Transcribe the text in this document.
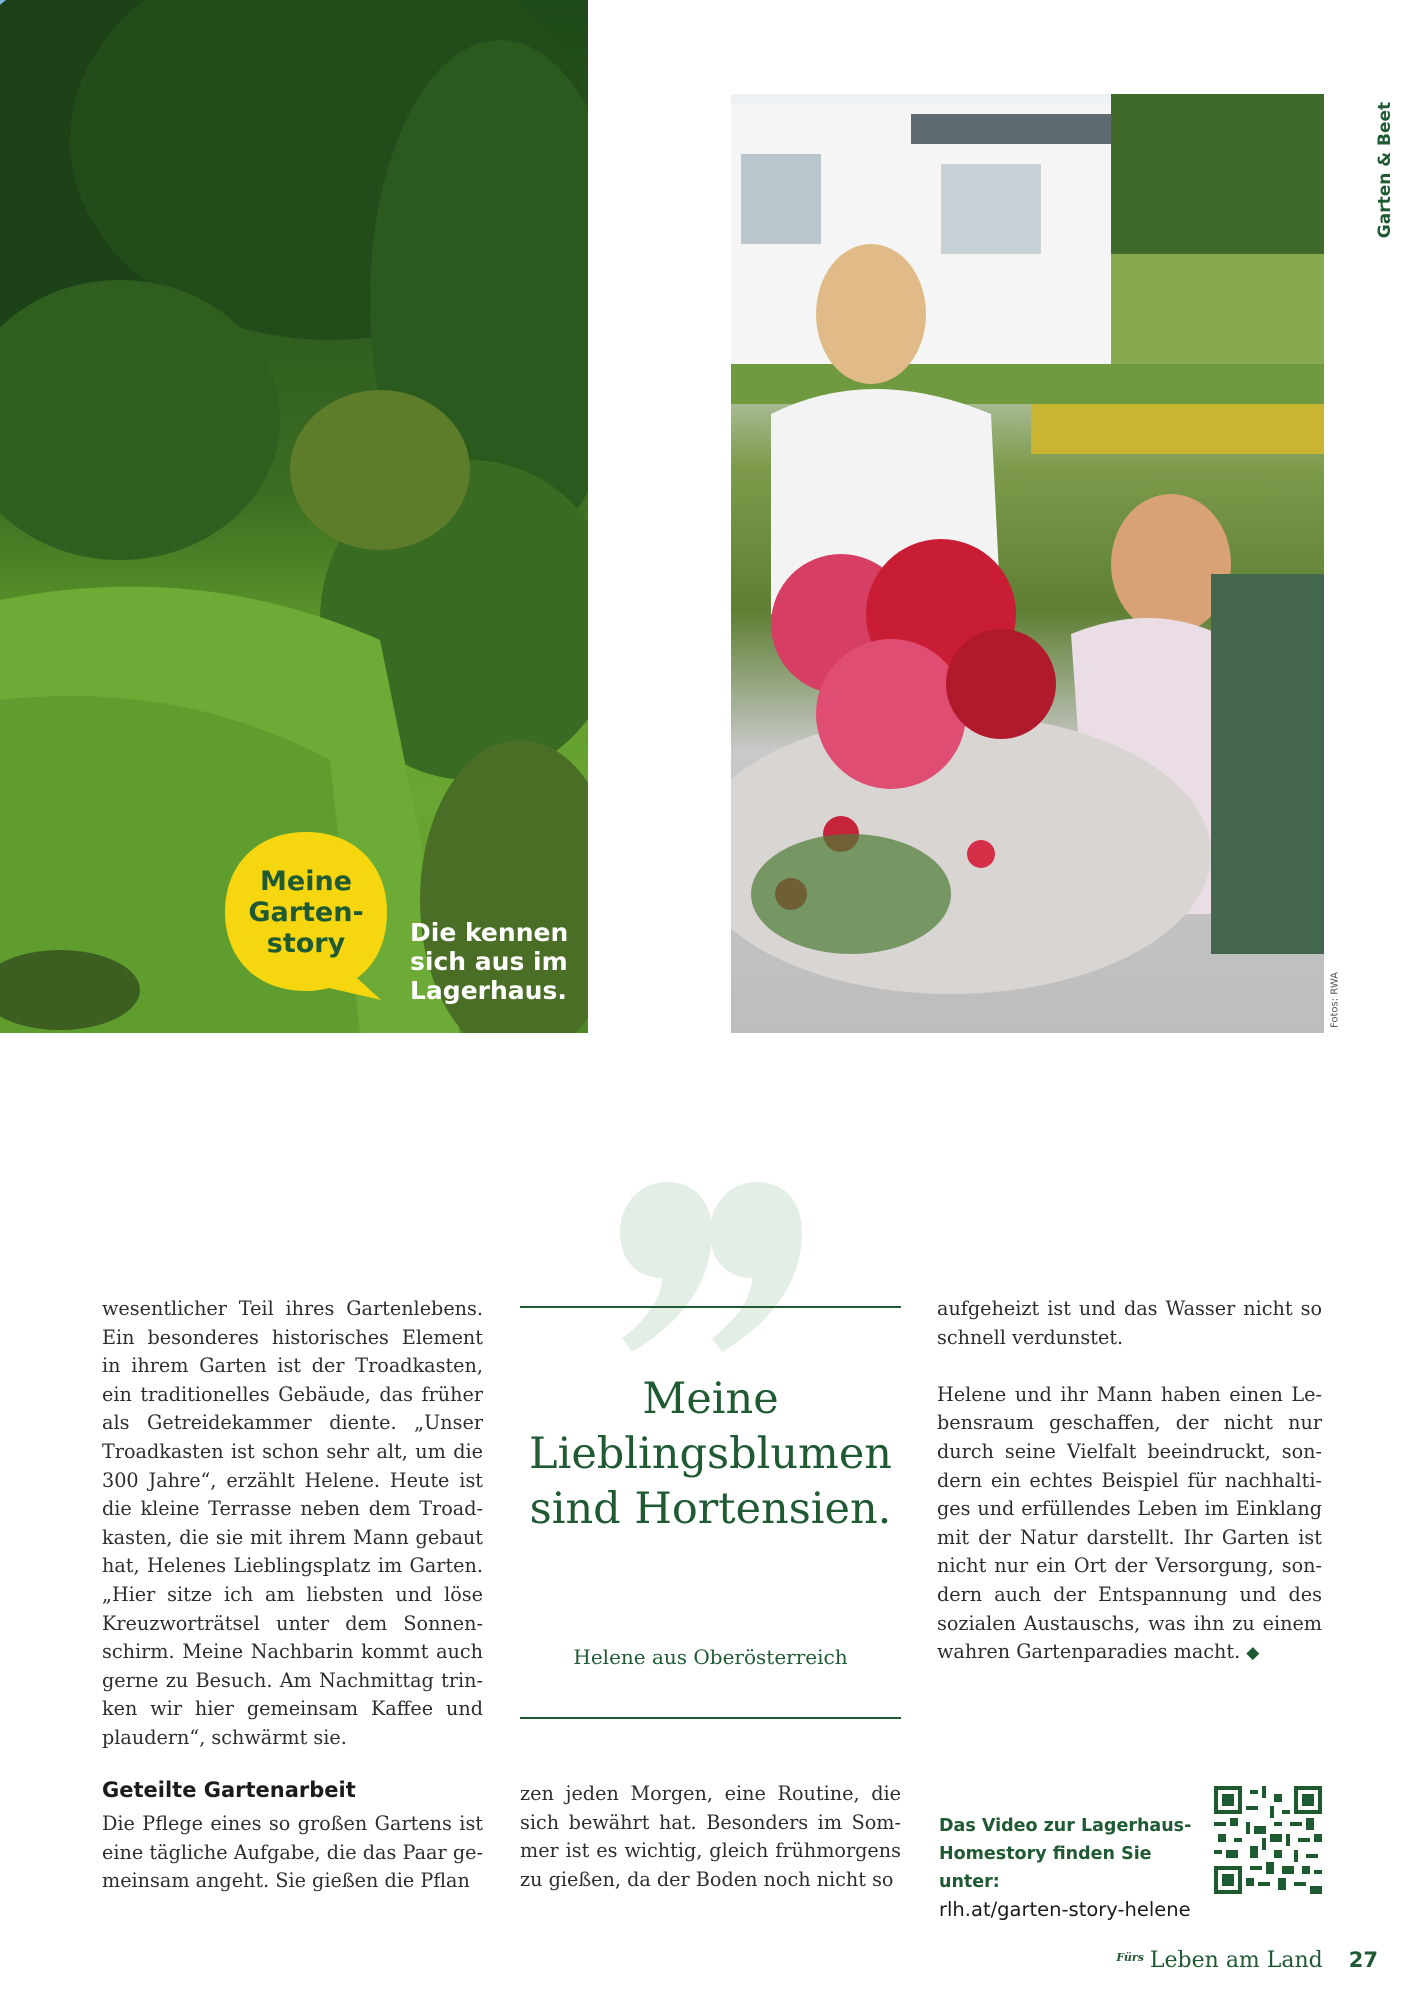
Meine Garten-story	Die kennen sich aus im Lagerhaus.
Garten & Beet
Fotos: RWA
Meine Lieblingsblumen sind Hortensien.
Helene aus Oberösterreich

wesentlicher Teil ihres Gartenlebens. Ein besonderes historisches Element in ihrem Garten ist der Troadkasten, ein traditionelles Gebäude, das früher als Getreidekammer diente. „Unser Troadkasten ist schon sehr alt, um die 300 Jahre“, erzählt Helene. Heute ist die kleine Terrasse neben dem Troadkasten, die sie mit ihrem Mann gebaut hat, Helenes Lieblingsplatz im Garten. „Hier sitze ich am liebsten und löse Kreuzworträtsel unter dem Sonnenschirm. Meine Nachbarin kommt auch gerne zu Besuch. Am Nachmittag trinken wir hier gemeinsam Kaffee und plaudern“, schwärmt sie.

Geteilte Gartenarbeit

Die Pflege eines so großen Gartens ist eine tägliche Aufgabe, die das Paar gemeinsam angeht. Sie gießen die Pflan

zen jeden Morgen, eine Routine, die sich bewährt hat. Besonders im Sommer ist es wichtig, gleich frühmorgens zu gießen, da der Boden noch nicht so

aufgeheizt ist und das Wasser nicht so schnell verdunstet.

Helene und ihr Mann haben einen Lebensraum geschaffen, der nicht nur durch seine Vielfalt beeindruckt, sondern ein echtes Beispiel für nachhaltiges und erfüllendes Leben im Einklang mit der Natur darstellt. Ihr Garten ist nicht nur ein Ort der Versorgung, sondern auch der Entspannung und des sozialen Austauschs, was ihn zu einem wahren Gartenparadies macht. ◆

Das Video zur Lagerhaus-Homestory finden Sie unter:
rlh.at/garten-story-helene
$^{Fürs}$ Leben am Land 27
